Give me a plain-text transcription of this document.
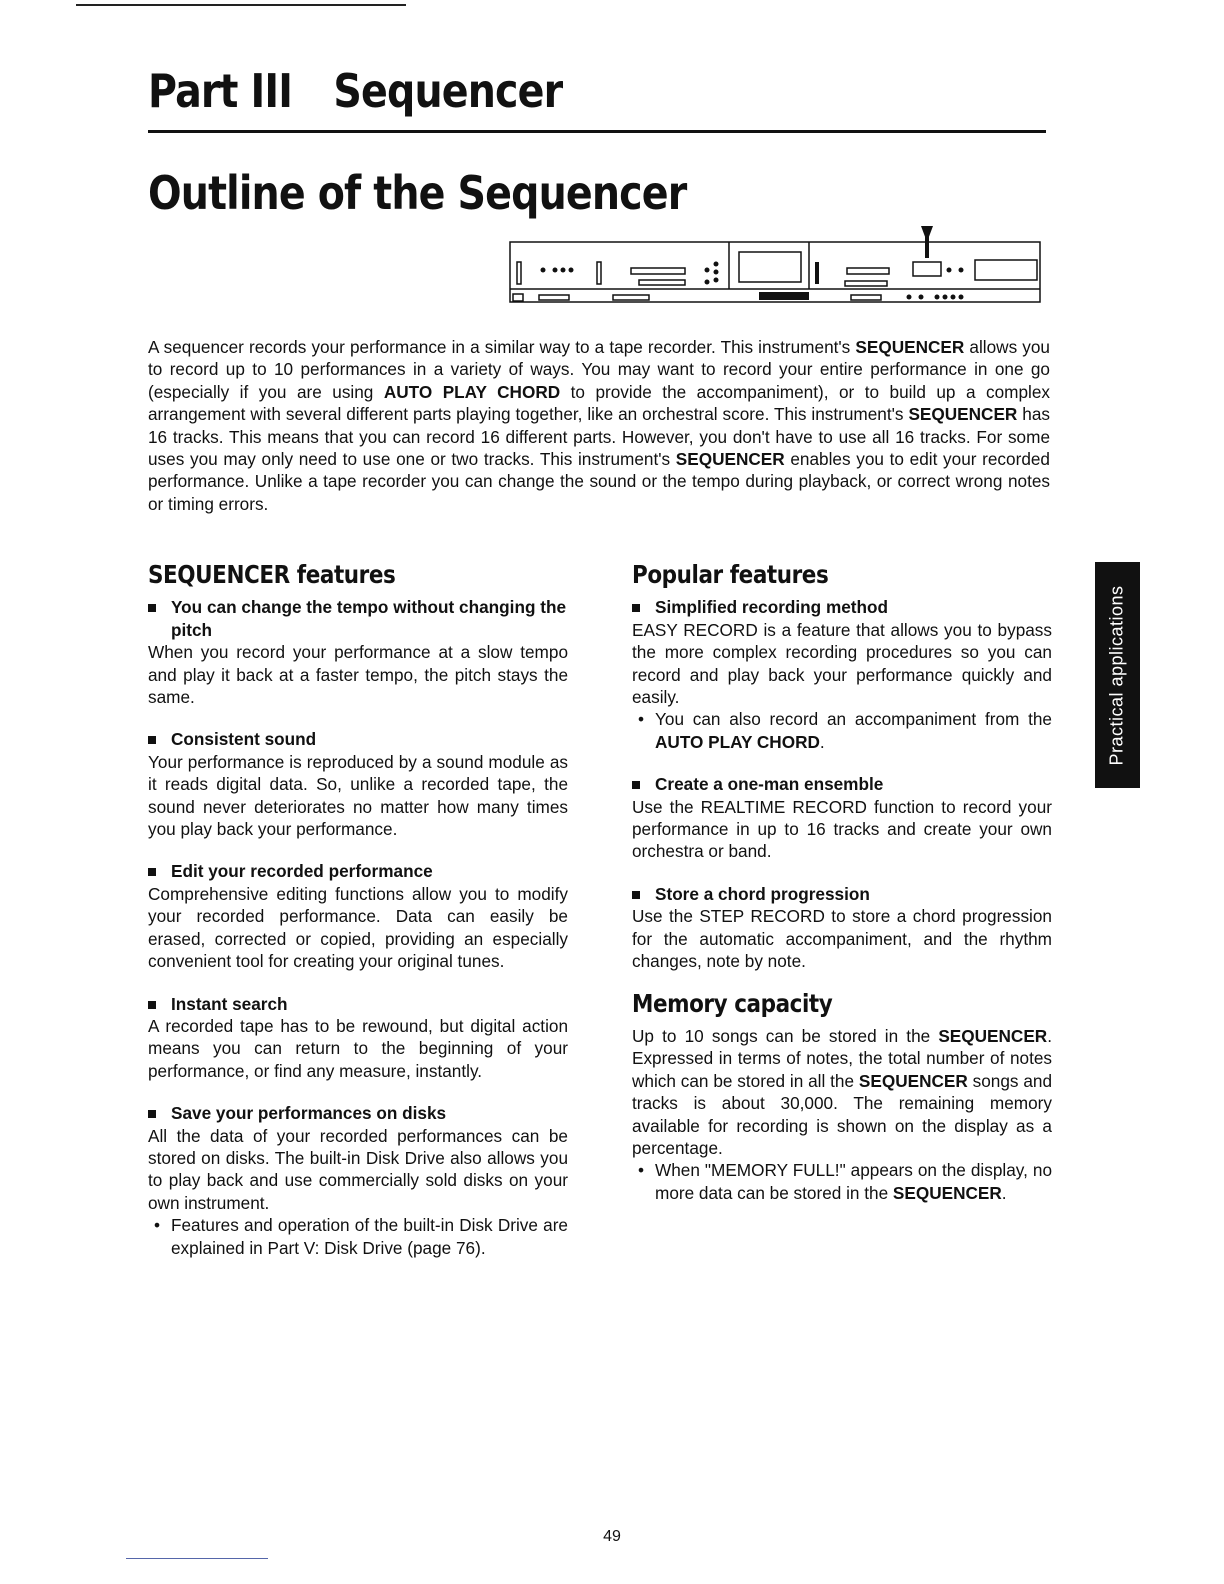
Part III Sequencer
Outline of the Sequencer

A sequencer records your performance in a similar way to a tape recorder. This instrument's SEQUENCER allows you to record up to 10 performances in a variety of ways. You may want to record your entire performance in one go (especially if you are using AUTO PLAY CHORD to provide the accompaniment), or to build up a complex arrangement with several different parts playing together, like an orchestral score. This instrument's SEQUENCER has 16 tracks. This means that you can record 16 different parts. However, you don't have to use all 16 tracks. For some uses you may only need to use one or two tracks. This instrument's SEQUENCER enables you to edit your recorded performance. Unlike a tape recorder you can change the sound or the tempo during playback, or correct wrong notes or timing errors.

SEQUENCER features

You can change the tempo without changing the pitch

When you record your performance at a slow tempo and play it back at a faster tempo, the pitch stays the same.

Consistent sound

Your performance is reproduced by a sound module as it reads digital data. So, unlike a recorded tape, the sound never deteriorates no matter how many times you play back your performance.

Edit your recorded performance

Comprehensive editing functions allow you to modify your recorded performance. Data can easily be erased, corrected or copied, providing an especially convenient tool for creating your original tunes.

Instant search

A recorded tape has to be rewound, but digital action means you can return to the beginning of your performance, or find any measure, instantly.

Save your performances on disks

All the data of your recorded performances can be stored on disks. The built-in Disk Drive also allows you to play back and use commercially sold disks on your own instrument.

• Features and operation of the built-in Disk Drive are explained in Part V: Disk Drive (page 76).

Popular features

Simplified recording method

EASY RECORD is a feature that allows you to bypass the more complex recording procedures so you can record and play back your performance quickly and easily.

• You can also record an accompaniment from the AUTO PLAY CHORD.

Create a one-man ensemble

Use the REALTIME RECORD function to record your performance in up to 16 tracks and create your own orchestra or band.

Store a chord progression

Use the STEP RECORD to store a chord progression for the automatic accompaniment, and the rhythm changes, note by note.

Memory capacity

Up to 10 songs can be stored in the SEQUENCER. Expressed in terms of notes, the total number of notes which can be stored in all the SEQUENCER songs and tracks is about 30,000. The remaining memory available for recording is shown on the display as a percentage.

• When "MEMORY FULL!" appears on the display, no more data can be stored in the SEQUENCER.

Practical applications
49
